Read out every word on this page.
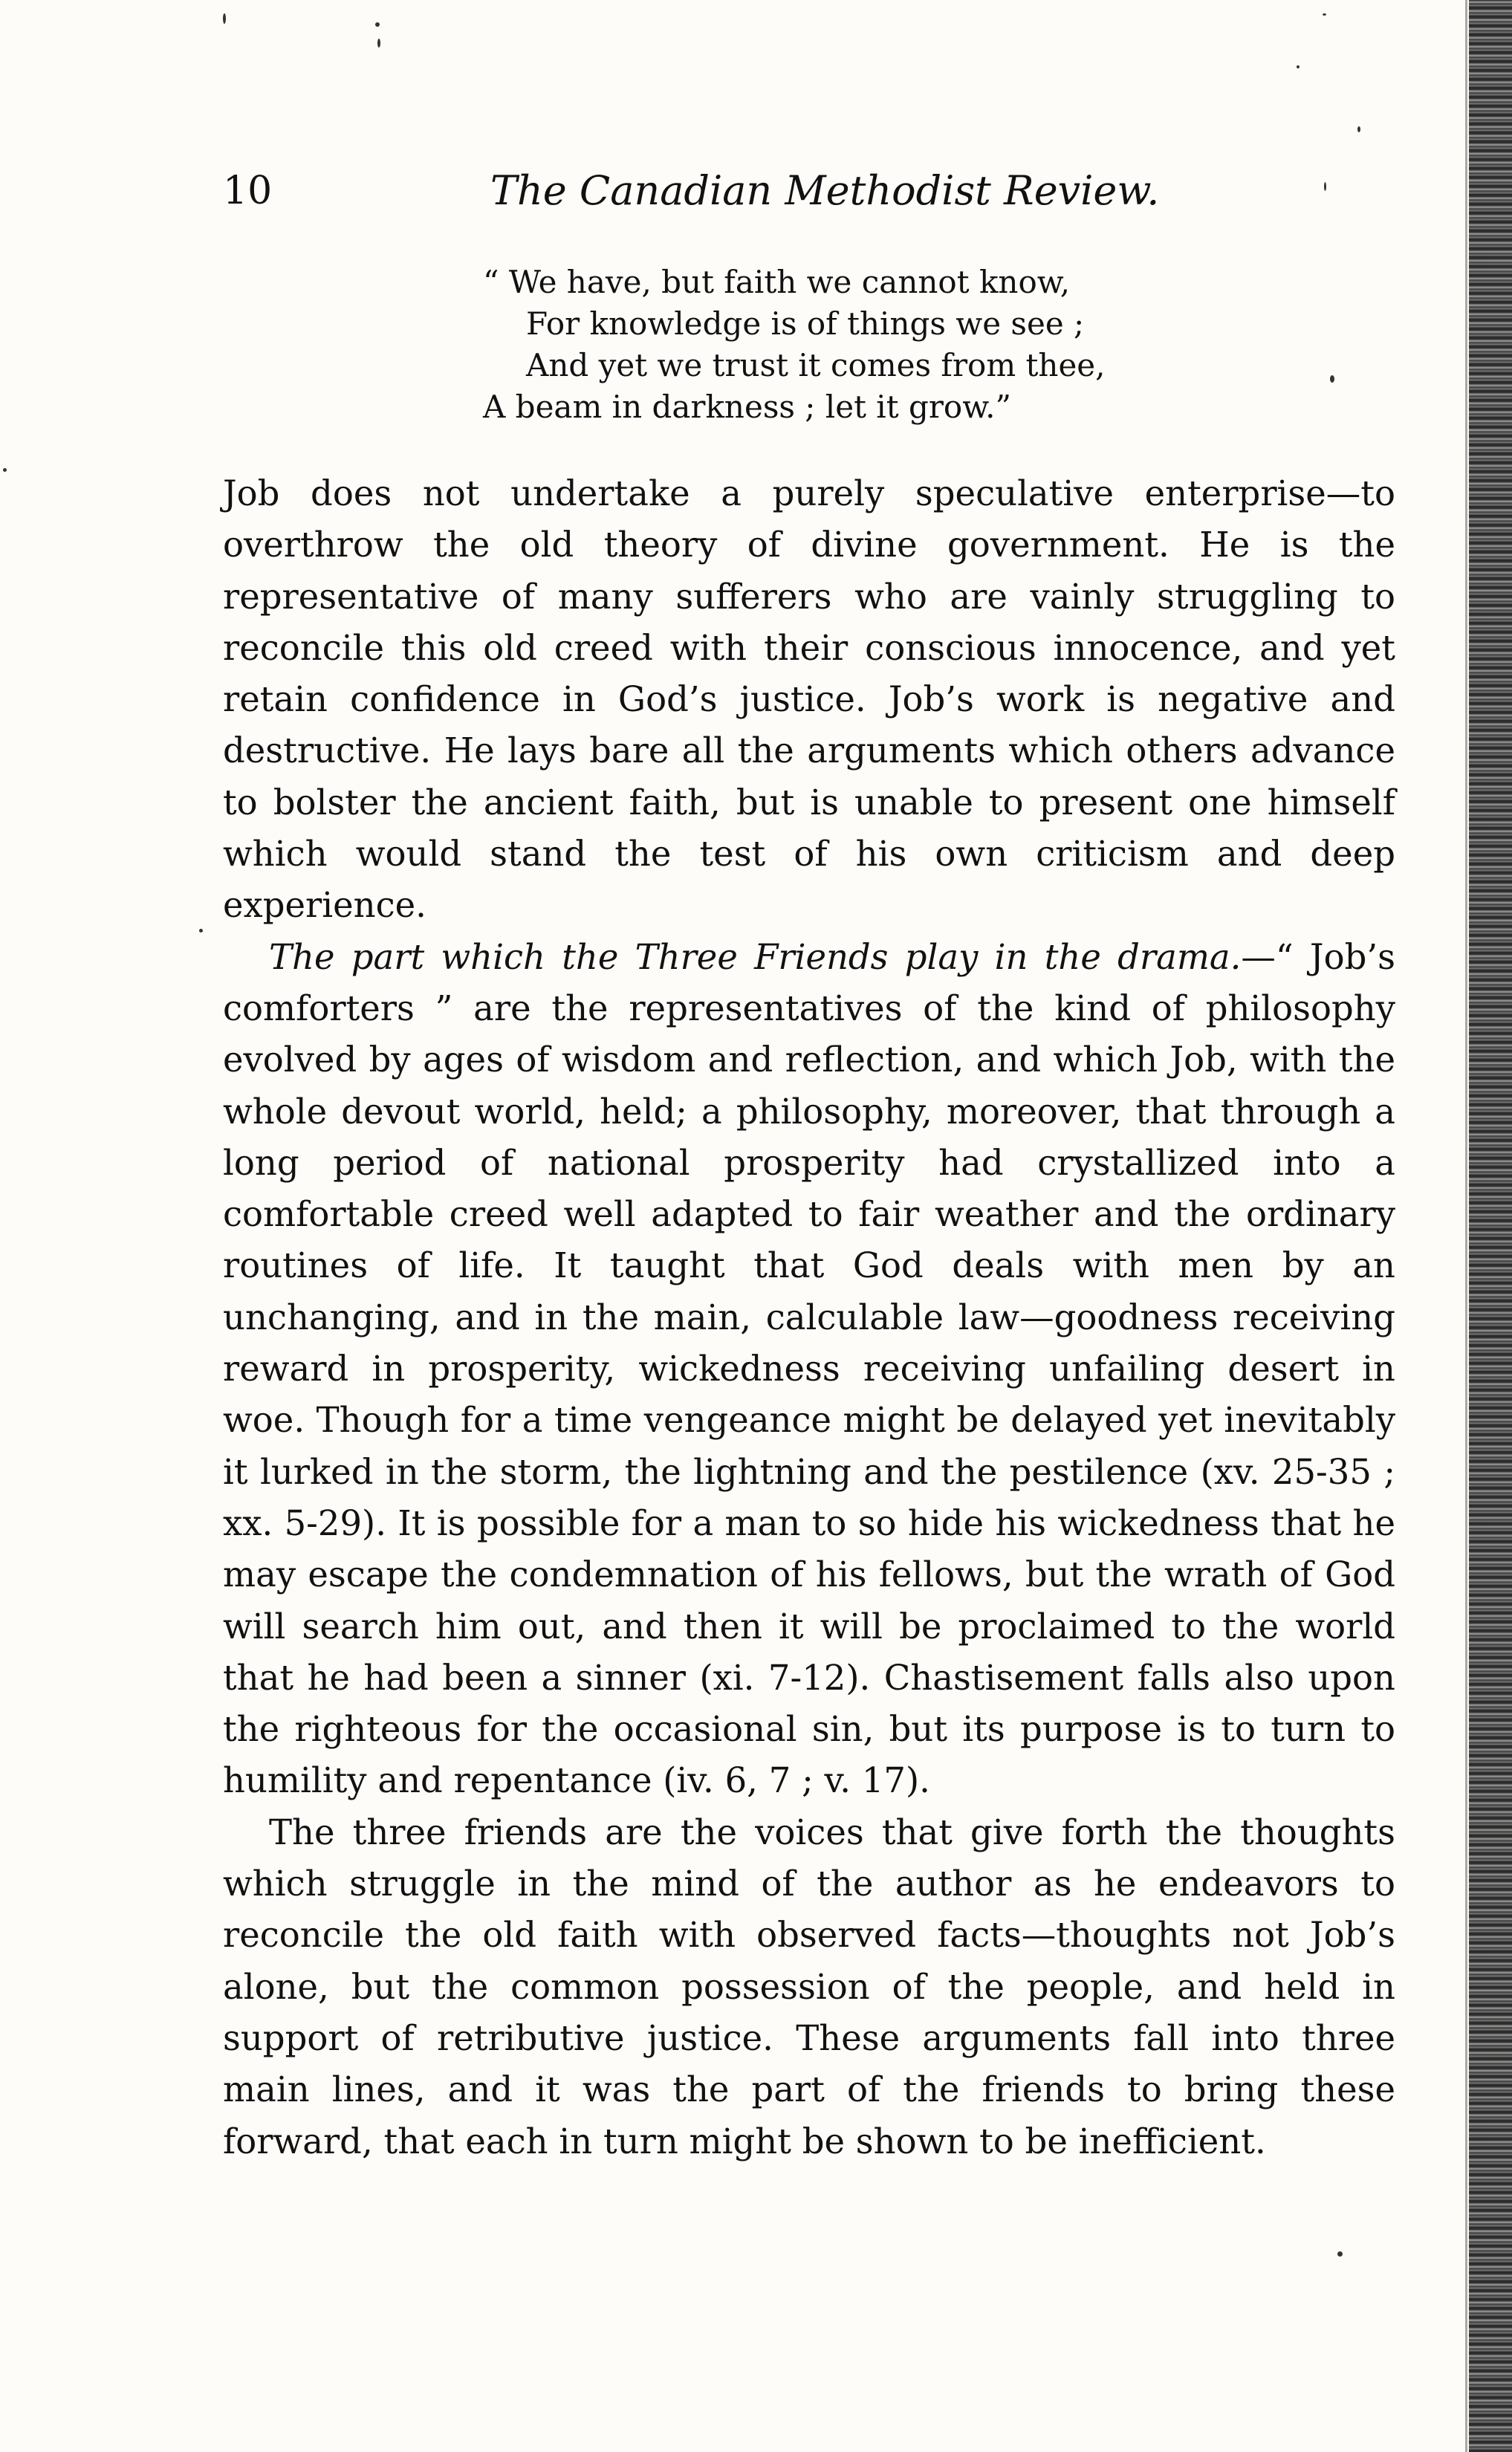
10	The Canadian Methodist Review.
“ We have, but faith we cannot know,
For knowledge is of things we see ;
And yet we trust it comes from thee,
A beam in darkness ; let it grow.”

Job does not undertake a purely speculative enterprise—to overthrow the old theory of divine government. He is the representative of many sufferers who are vainly struggling to reconcile this old creed with their conscious innocence, and yet retain confidence in God’s justice. Job’s work is negative and destructive. He lays bare all the arguments which others advance to bolster the ancient faith, but is unable to present one himself which would stand the test of his own criticism and deep experience.

The part which the Three Friends play in the drama.—“ Job’s comforters ” are the representatives of the kind of philosophy evolved by ages of wisdom and reflection, and which Job, with the whole devout world, held; a philosophy, moreover, that through a long period of national prosperity had crystallized into a comfortable creed well adapted to fair weather and the ordinary routines of life. It taught that God deals with men by an unchanging, and in the main, calculable law—goodness receiving reward in prosperity, wickedness receiving unfailing desert in woe. Though for a time vengeance might be delayed yet inevitably it lurked in the storm, the lightning and the pestilence (xv. 25-35 ; xx. 5-29). It is possible for a man to so hide his wickedness that he may escape the condemnation of his fellows, but the wrath of God will search him out, and then it will be proclaimed to the world that he had been a sinner (xi. 7-12). Chastisement falls also upon the righteous for the occasional sin, but its purpose is to turn to humility and repentance (iv. 6, 7 ; v. 17).

The three friends are the voices that give forth the thoughts which struggle in the mind of the author as he endeavors to reconcile the old faith with observed facts—thoughts not Job’s alone, but the common possession of the people, and held in support of retributive justice. These arguments fall into three main lines, and it was the part of the friends to bring these forward, that each in turn might be shown to be inefficient.
